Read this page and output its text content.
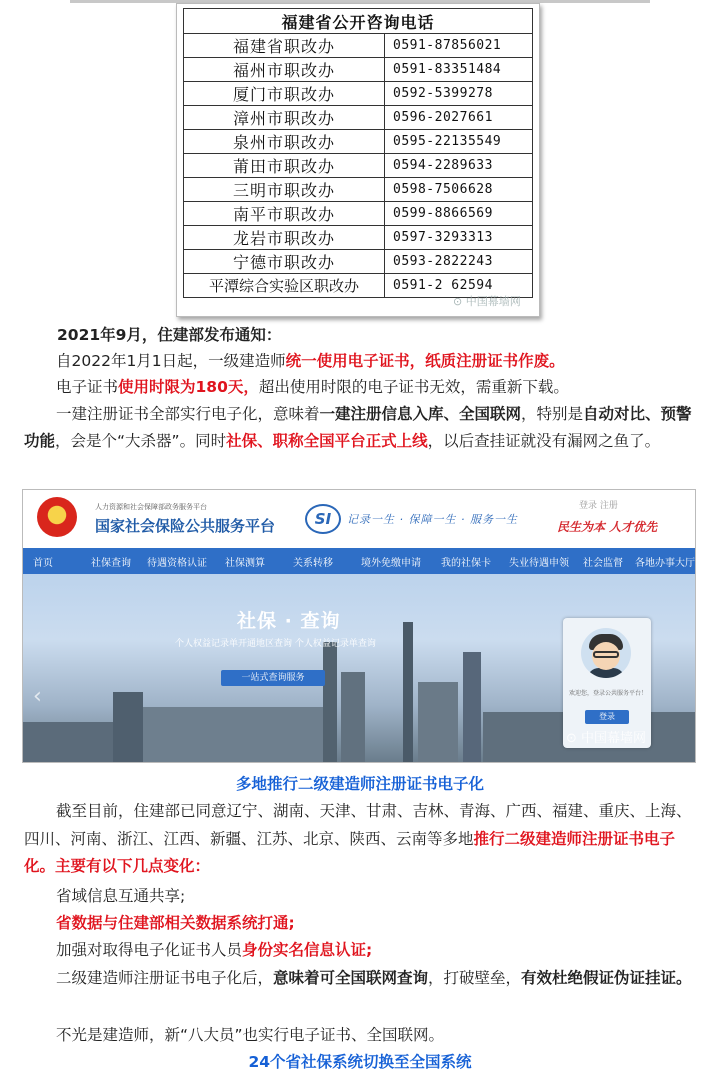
福建省公开咨询电话	
福建省职改办	0591-87856021
福州市职改办	0591-83351484
厦门市职改办	0592-5399278
漳州市职改办	0596-2027661
泉州市职改办	0595-22135549
莆田市职改办	0594-2289633
三明市职改办	0598-7506628
南平市职改办	0599-8866569
龙岩市职改办	0597-3293313
宁德市职改办	0593-2822243
平潭综合实验区职改办	0591-2 62594
⊙ 中国幕墙网
2021年9月，住建部发布通知：
自2022年1月1日起，一级建造师统一使用电子证书，纸质注册证书作废。
电子证书使用时限为180天，超出使用时限的电子证书无效，需重新下载。
一建注册证书全部实行电子化，意味着一建注册信息入库、全国联网，特别是自动对比、预警功能，会是个“大杀器”。同时社保、职称全国平台正式上线，以后查挂证就没有漏网之鱼了。
人力资源和社会保障部政务服务平台
国家社会保险公共服务平台	SI	记录一生 · 保障一生 · 服务一生
登录 注册
民生为本 人才优先
首页	社保查询 待遇资格认证 社保测算	关系转移	境外免缴申请 我的社保卡 失业待遇申领 社会监督 各地办事大厅
社保 · 查询
个人权益记录单开通地区查询 个人权益记录单查询
一站式查询服务
‹	欢迎您，登录公共服务平台！
登录
⊙ 中国幕墙网
多地推行二级建造师注册证书电子化
截至目前，住建部已同意辽宁、湖南、天津、甘肃、吉林、青海、广西、福建、重庆、上海、四川、河南、浙江、江西、新疆、江苏、北京、陕西、云南等多地推行二级建造师注册证书电子化。主要有以下几点变化：
省域信息互通共享;
省数据与住建部相关数据系统打通;
加强对取得电子化证书人员身份实名信息认证;
二级建造师注册证书电子化后，意味着可全国联网查询，打破壁垒，有效杜绝假证伪证挂证。
不光是建造师，新“八大员”也实行电子证书、全国联网。
24个省社保系统切换至全国系统
